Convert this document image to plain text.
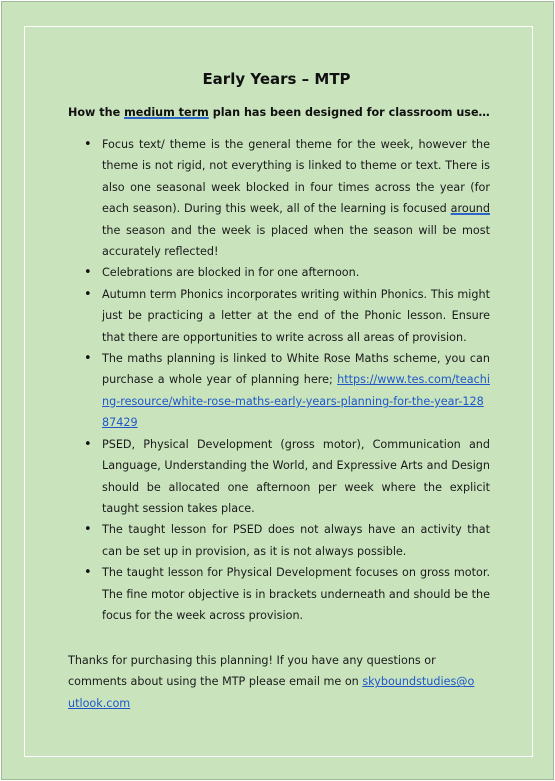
Early Years – MTP
How the medium term plan has been designed for classroom use…
• Focus text/ theme is the general theme for the week, however the theme is not rigid, not everything is linked to theme or text. There is also one seasonal week blocked in four times across the year (for each season). During this week, all of the learning is focused around the season and the week is placed when the season will be most accurately reflected!
• Celebrations are blocked in for one afternoon.
• Autumn term Phonics incorporates writing within Phonics. This might just be practicing a letter at the end of the Phonic lesson. Ensure that there are opportunities to write across all areas of provision.
• The maths planning is linked to White Rose Maths scheme, you can purchase a whole year of planning here; https://www.tes.com/teaching-resource/white-rose-maths-early-years-planning-for-the-year-12887429
• PSED, Physical Development (gross motor), Communication and Language, Understanding the World, and Expressive Arts and Design should be allocated one afternoon per week where the explicit taught session takes place.
• The taught lesson for PSED does not always have an activity that can be set up in provision, as it is not always possible.
• The taught lesson for Physical Development focuses on gross motor. The fine motor objective is in brackets underneath and should be the focus for the week across provision.
Thanks for purchasing this planning! If you have any questions or comments about using the MTP please email me on skyboundstudies@outlook.com
